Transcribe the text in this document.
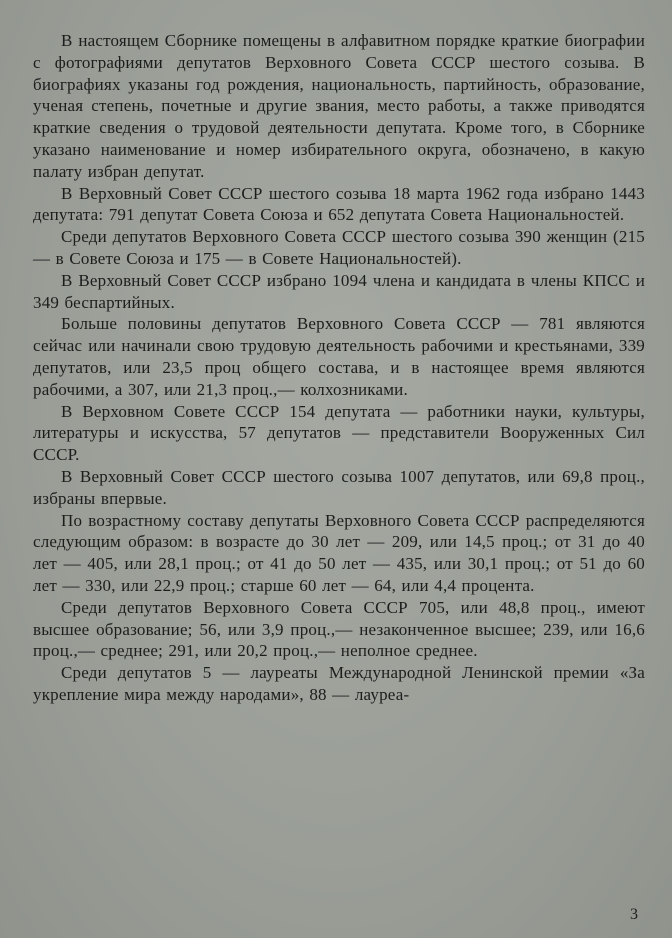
В настоящем Сборнике помещены в алфавитном порядке краткие биографии с фотографиями депутатов Верховного Совета СССР шестого созыва. В биографиях указаны год рождения, национальность, партийность, образование, ученая степень, почетные и другие звания, место работы, а также приводятся краткие сведения о трудовой деятельности депутата. Кроме того, в Сборнике указано наименование и номер избирательного округа, обозначено, в какую палату избран депутат.

В Верховный Совет СССР шестого созыва 18 марта 1962 года избрано 1443 депутата: 791 депутат Совета Союза и 652 депутата Совета Национальностей.

Среди депутатов Верховного Совета СССР шестого созыва 390 женщин (215 — в Совете Союза и 175 — в Совете Национальностей).

В Верховный Совет СССР избрано 1094 члена и кандидата в члены КПСС и 349 беспартийных.

Больше половины депутатов Верховного Совета СССР — 781 являются сейчас или начинали свою трудовую деятельность рабочими и крестьянами, 339 депутатов, или 23,5 проц общего состава, и в настоящее время являются рабочими, а 307, или 21,3 проц.,— колхозниками.

В Верховном Совете СССР 154 депутата — работники науки, культуры, литературы и искусства, 57 депутатов — представители Вооруженных Сил СССР.

В Верховный Совет СССР шестого созыва 1007 депутатов, или 69,8 проц., избраны впервые.

По возрастному составу депутаты Верховного Совета СССР распределяются следующим образом: в возрасте до 30 лет — 209, или 14,5 проц.; от 31 до 40 лет — 405, или 28,1 проц.; от 41 до 50 лет — 435, или 30,1 проц.; от 51 до 60 лет — 330, или 22,9 проц.; старше 60 лет — 64, или 4,4 процента.

Среди депутатов Верховного Совета СССР 705, или 48,8 проц., имеют высшее образование; 56, или 3,9 проц.,— незаконченное высшее; 239, или 16,6 проц.,— среднее; 291, или 20,2 проц.,— неполное среднее.

Среди депутатов 5 — лауреаты Международной Ленинской премии «За укрепление мира между народами», 88 — лауреа-

3
